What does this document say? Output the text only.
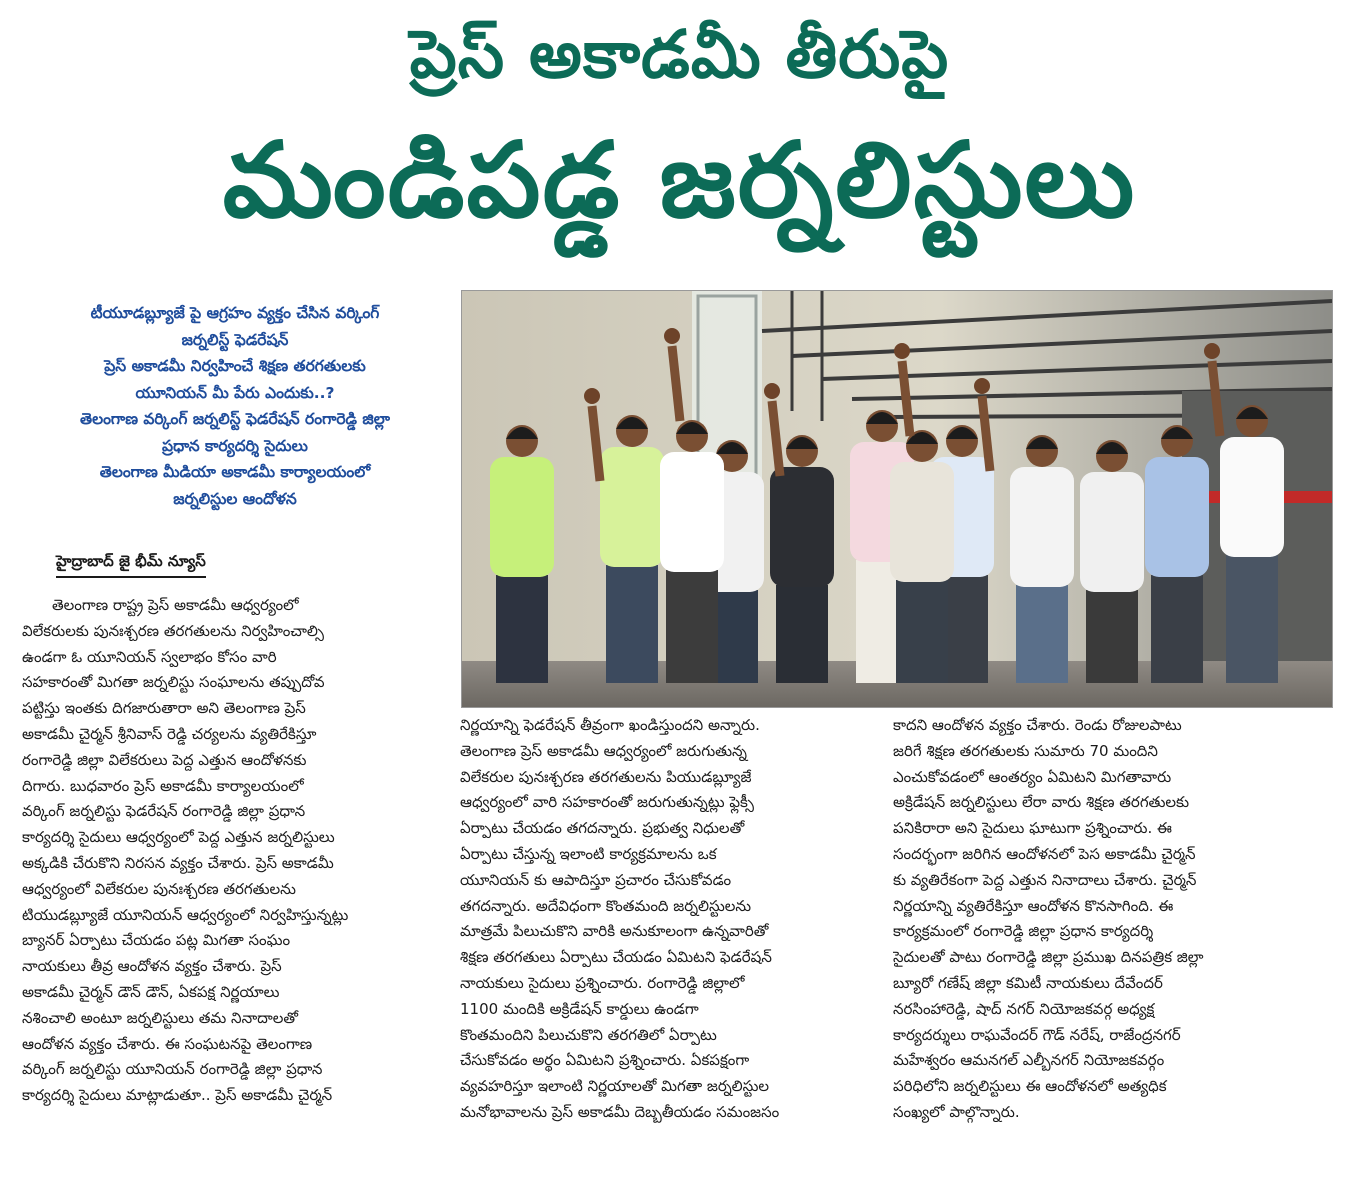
ప్రెస్ అకాడమీ తీరుపై
మండిపడ్డ జర్నలిస్టులు
టీయూడబ్ల్యూజే పై ఆగ్రహం వ్యక్తం చేసిన వర్కింగ్
జర్నలిస్ట్ ఫెడరేషన్
ప్రెస్ అకాడమీ నిర్వహించే శిక్షణ తరగతులకు
యూనియన్ మీ పేరు ఎందుకు..?
తెలంగాణ వర్కింగ్ జర్నలిస్ట్ ఫెడరేషన్ రంగారెడ్డి జిల్లా
ప్రధాన కార్యదర్శి సైదులు
తెలంగాణ మీడియా అకాడమీ కార్యాలయంలో
జర్నలిస్టుల ఆందోళన
హైద్రాబాద్ జై భీమ్ న్యూస్
తెలంగాణ రాష్ట్ర ప్రెస్ అకాడమీ ఆధ్వర్యంలో
విలేకరులకు పునఃశ్చరణ తరగతులను నిర్వహించాల్సి
ఉండగా ఓ యూనియన్ స్వలాభం కోసం వారి
సహకారంతో మిగతా జర్నలిస్టు సంఘాలను తప్పుదోవ
పట్టిస్తు ఇంతకు దిగజారుతారా అని తెలంగాణ ప్రెస్
అకాడమీ చైర్మన్ శ్రీనివాస్ రెడ్డి చర్యలను వ్యతిరేకిస్తూ
రంగారెడ్డి జిల్లా విలేకరులు పెద్ద ఎత్తున ఆందోళనకు
దిగారు. బుధవారం ప్రెస్ అకాడమీ కార్యాలయంలో
వర్కింగ్ జర్నలిస్టు ఫెడరేషన్ రంగారెడ్డి జిల్లా ప్రధాన
కార్యదర్శి సైదులు ఆధ్వర్యంలో పెద్ద ఎత్తున జర్నలిస్టులు
అక్కడికి చేరుకొని నిరసన వ్యక్తం చేశారు. ప్రెస్ అకాడమీ
ఆధ్వర్యంలో విలేకరుల పునఃశ్చరణ తరగతులను
టియుడబ్ల్యూజే యూనియన్ ఆధ్వర్యంలో నిర్వహిస్తున్నట్లు
బ్యానర్ ఏర్పాటు చేయడం పట్ల మిగతా సంఘం
నాయకులు తీవ్ర ఆందోళన వ్యక్తం చేశారు. ప్రెస్
అకాడమీ చైర్మన్ డౌన్ డౌన్, ఏకపక్ష నిర్ణయాలు
నశించాలి అంటూ జర్నలిస్టులు తమ నినాదాలతో
ఆందోళన వ్యక్తం చేశారు. ఈ సంఘటనపై తెలంగాణ
వర్కింగ్ జర్నలిస్టు యూనియన్ రంగారెడ్డి జిల్లా ప్రధాన
కార్యదర్శి సైదులు మాట్లాడుతూ.. ప్రెస్ అకాడమీ చైర్మన్
నిర్ణయాన్ని ఫెడరేషన్ తీవ్రంగా ఖండిస్తుందని అన్నారు.
తెలంగాణ ప్రెస్ అకాడమీ ఆధ్వర్యంలో జరుగుతున్న
విలేకరుల పునఃశ్చరణ తరగతులను పియుడబ్ల్యూజే
ఆధ్వర్యంలో వారి సహకారంతో జరుగుతున్నట్లు ఫ్లెక్సీ
ఏర్పాటు చేయడం తగదన్నారు. ప్రభుత్వ నిధులతో
ఏర్పాటు చేస్తున్న ఇలాంటి కార్యక్రమాలను ఒక
యూనియన్ కు ఆపాదిస్తూ ప్రచారం చేసుకోవడం
తగదన్నారు. అదేవిధంగా కొంతమంది జర్నలిస్టులను
మాత్రమే పిలుచుకొని వారికి అనుకూలంగా ఉన్నవారితో
శిక్షణ తరగతులు ఏర్పాటు చేయడం ఏమిటని ఫెడరేషన్
నాయకులు సైదులు ప్రశ్నించారు. రంగారెడ్డి జిల్లాలో
1100 మందికి అక్రిడేషన్ కార్డులు ఉండగా
కొంతమందిని పిలుచుకొని తరగతిలో ఏర్పాటు
చేసుకోవడం అర్థం ఏమిటని ప్రశ్నించారు. ఏకపక్షంగా
వ్యవహరిస్తూ ఇలాంటి నిర్ణయాలతో మిగతా జర్నలిస్టుల
మనోభావాలను ప్రెస్ అకాడమీ దెబ్బతీయడం సమంజసం
కాదని ఆందోళన వ్యక్తం చేశారు. రెండు రోజులపాటు
జరిగే శిక్షణ తరగతులకు సుమారు 70 మందిని
ఎంచుకోవడంలో ఆంతర్యం ఏమిటని మిగతావారు
అక్రిడేషన్ జర్నలిస్టులు లేరా వారు శిక్షణ తరగతులకు
పనికిరారా అని సైదులు ఘాటుగా ప్రశ్నించారు. ఈ
సందర్భంగా జరిగిన ఆందోళనలో పెస అకాడమీ చైర్మన్
కు వ్యతిరేకంగా పెద్ద ఎత్తున నినాదాలు చేశారు. చైర్మన్
నిర్ణయాన్ని వ్యతిరేకిస్తూ ఆందోళన కొనసాగింది. ఈ
కార్యక్రమంలో రంగారెడ్డి జిల్లా ప్రధాన కార్యదర్శి
సైదులతో పాటు రంగారెడ్డి జిల్లా ప్రముఖ దినపత్రిక జిల్లా
బ్యూరో గణేష్ జిల్లా కమిటీ నాయకులు దేవేందర్
నరసింహారెడ్డి, షాద్ నగర్ నియోజకవర్గ అధ్యక్ష
కార్యదర్శులు రాఘవేందర్ గౌడ్ నరేష్, రాజేంద్రనగర్
మహేశ్వరం ఆమనగల్ ఎల్బీనగర్ నియోజకవర్గం
పరిధిలోని జర్నలిస్టులు ఈ ఆందోళనలో అత్యధిక
సంఖ్యలో పాల్గొన్నారు.
